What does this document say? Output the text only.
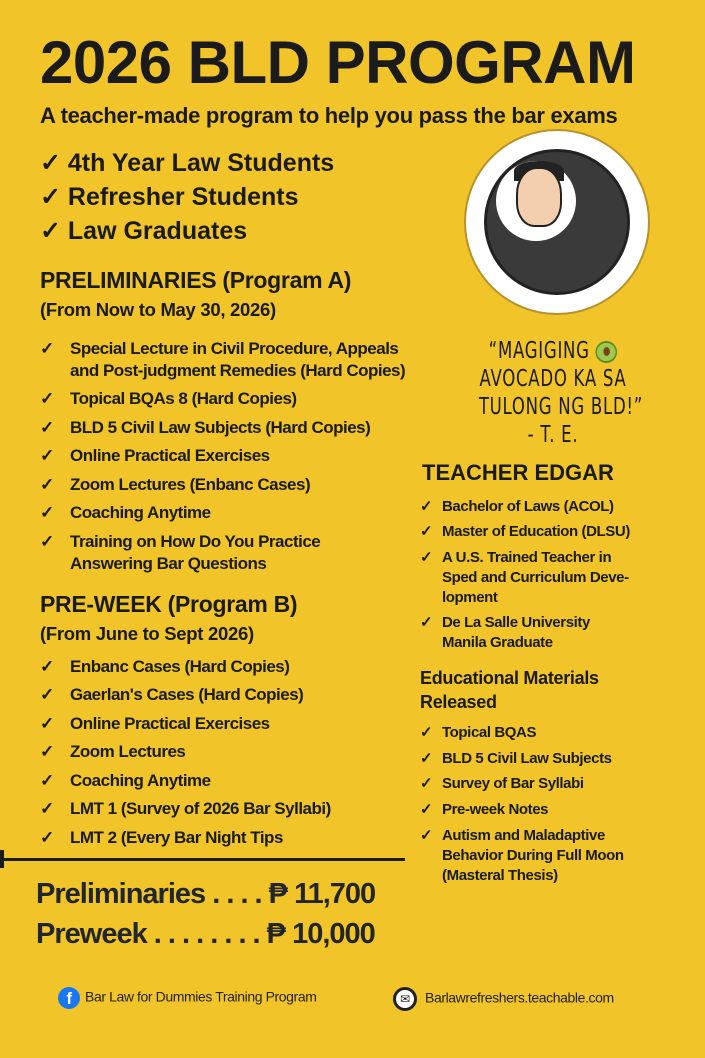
2026 BLD PROGRAM
A teacher-made program to help you pass the bar exams
✓ 4th Year Law Students
✓ Refresher Students
✓ Law Graduates
PRELIMINARIES (Program A)
(From Now to May 30, 2026)
✓ Special Lecture in Civil Procedure, Appeals
and Post-judgment Remedies (Hard Copies)
✓ Topical BQAs 8 (Hard Copies)
✓ BLD 5 Civil Law Subjects (Hard Copies)
✓ Online Practical Exercises
✓ Zoom Lectures (Enbanc Cases)
✓ Coaching Anytime
✓ Training on How Do You Practice
Answering Bar Questions
PRE-WEEK (Program B)
(From June to Sept 2026)
✓ Enbanc Cases (Hard Copies)
✓ Gaerlan's Cases (Hard Copies)
✓ Online Practical Exercises
✓ Zoom Lectures
✓ Coaching Anytime
✓ LMT 1 (Survey of 2026 Bar Syllabi)
✓ LMT 2 (Every Bar Night Tips
“MAGIGING
AVOCADO KA SA
TULONG NG BLD!”
- T. E.
TEACHER EDGAR
✓ Bachelor of Laws (ACOL)
✓ Master of Education (DLSU)
✓ A U.S. Trained Teacher in
Sped and Curriculum Deve-
lopment
✓ De La Salle University
Manila Graduate
Educational Materials
Released
✓ Topical BQAS
✓ BLD 5 Civil Law Subjects
✓ Survey of Bar Syllabi
✓ Pre-week Notes
✓ Autism and Maladaptive
Behavior During Full Moon
(Masteral Thesis)
Preliminaries . . . . ₱ 11,700
Preweek . . . . . . . . ₱ 10,000
f Bar Law for Dummies Training Program	✉ Barlawrefreshers.teachable.com
